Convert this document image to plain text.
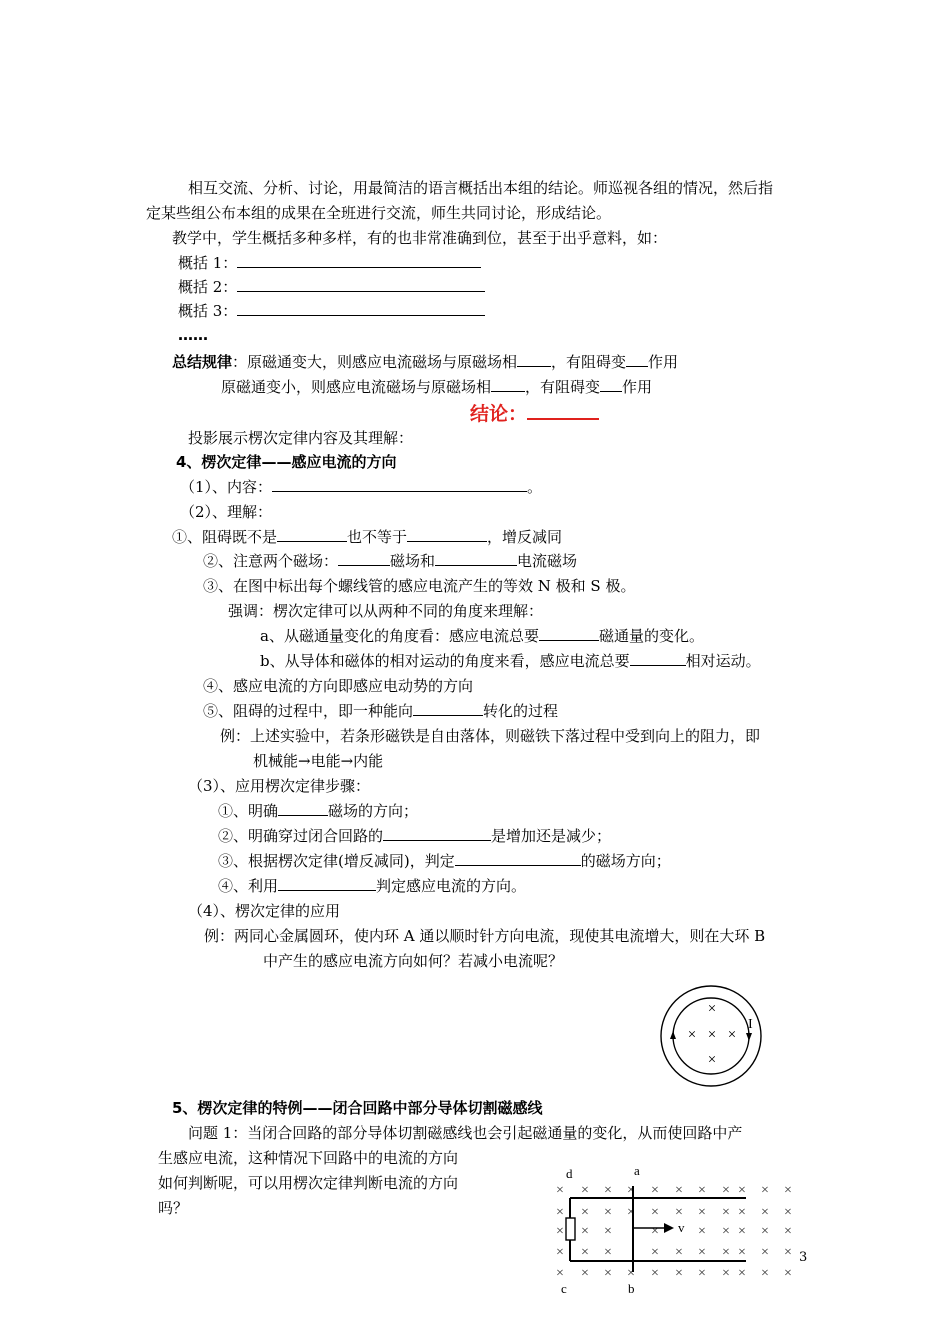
相互交流、分析、讨论，用最简洁的语言概括出本组的结论。师巡视各组的情况，然后指
定某些组公布本组的成果在全班进行交流，师生共同讨论，形成结论。
教学中，学生概括多种多样，有的也非常准确到位，甚至于出乎意料，如：
概括 1：
概括 2：
概括 3：
……
总结规律：原磁通变大，则感应电流磁场与原磁场相 ，有阻碍变 作用
原磁通变小，则感应电流磁场与原磁场相 ，有阻碍变 作用
结论：
投影展示楞次定律内容及其理解：
4、楞次定律——感应电流的方向
（1）、内容：	。
（2）、理解：
①、阻碍既不是	也不等于	，增反减同
②、注意两个磁场：	磁场和	电流磁场
③、在图中标出每个螺线管的感应电流产生的等效 N 极和 S 极。
强调：楞次定律可以从两种不同的角度来理解：
a、从磁通量变化的角度看：感应电流总要	磁通量的变化。
b、从导体和磁体的相对运动的角度来看，感应电流总要	相对运动。
④、感应电流的方向即感应电动势的方向
⑤、阻碍的过程中，即一种能向	转化的过程
例：上述实验中，若条形磁铁是自由落体，则磁铁下落过程中受到向上的阻力，即
机械能→电能→内能
（3）、应用楞次定律步骤：
①、明确	磁场的方向；
②、明确穿过闭合回路的	是增加还是减少；
③、根据楞次定律(增反减同)，判定	的磁场方向；
④、利用	判定感应电流的方向。
（4）、楞次定律的应用
例：两同心金属圆环，使内环 A 通以顺时针方向电流，现使其电流增大，则在大环 B
中产生的感应电流方向如何？若减小电流呢？
×
× × ×
×
I
5、楞次定律的特例——闭合回路中部分导体切割磁感线
问题 1：当闭合回路的部分导体切割磁感线也会引起磁通量的变化，从而使回路中产
生感应电流，这种情况下回路中的电流的方向
如何判断呢，可以用楞次定律判断电流的方向
吗？
× × × × × × × × × × ×
× × × × × × × × × × ×
× × ×	×	× × × × ×
× × ×	× × × × × × ×
× × × × × × × × × × ×
d	a
c	b
v
3
